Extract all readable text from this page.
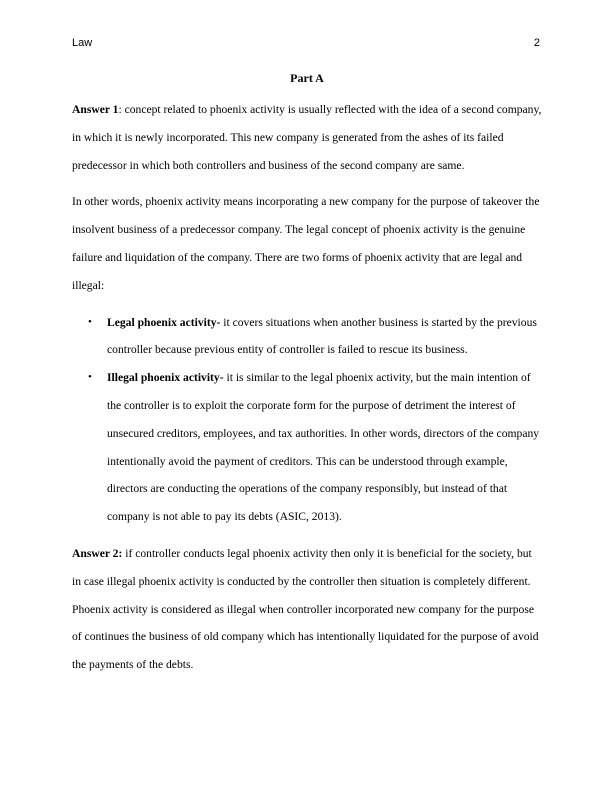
Law	2
Part A

Answer 1: concept related to phoenix activity is usually reflected with the idea of a second company, in which it is newly incorporated. This new company is generated from the ashes of its failed predecessor in which both controllers and business of the second company are same.

In other words, phoenix activity means incorporating a new company for the purpose of takeover the insolvent business of a predecessor company. The legal concept of phoenix activity is the genuine failure and liquidation of the company. There are two forms of phoenix activity that are legal and illegal:

• Legal phoenix activity- it covers situations when another business is started by the previous controller because previous entity of controller is failed to rescue its business.
• Illegal phoenix activity- it is similar to the legal phoenix activity, but the main intention of the controller is to exploit the corporate form for the purpose of detriment the interest of unsecured creditors, employees, and tax authorities. In other words, directors of the company intentionally avoid the payment of creditors. This can be understood through example, directors are conducting the operations of the company responsibly, but instead of that company is not able to pay its debts (ASIC, 2013).

Answer 2: if controller conducts legal phoenix activity then only it is beneficial for the society, but in case illegal phoenix activity is conducted by the controller then situation is completely different. Phoenix activity is considered as illegal when controller incorporated new company for the purpose of continues the business of old company which has intentionally liquidated for the purpose of avoid the payments of the debts.
